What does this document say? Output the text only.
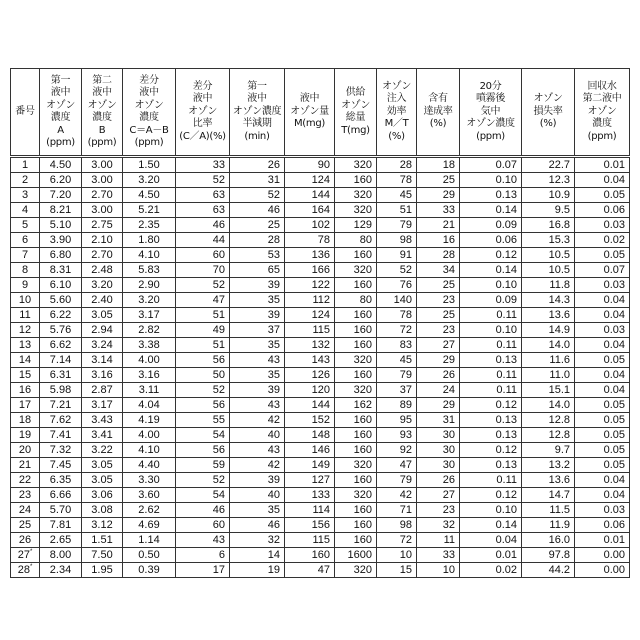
番号	第一
液中
オゾン
濃度
A
(ppm)	第二
液中
オゾン
濃度
B
(ppm)	差分
液中
オゾン
濃度
C＝A－B
(ppm)	差分
液中
オゾン
比率
(C／A)(%)	第一
液中
オゾン濃度
半減期
(min)	液中
オゾン量
M(mg)	供給
オゾン
総量
T(mg)	オゾン
注入
効率
M／T
(%)	含有
達成率
(%)	20分
噴霧後
気中
オゾン濃度
(ppm)	オゾン
損失率
(%)	回収水
第二液中
オゾン
濃度
(ppm)
1	4.50	3.00	1.50	33	26	90	320	28	18	0.07	22.7	0.01
2	6.20	3.00	3.20	52	31	124	160	78	25	0.10	12.3	0.04
3	7.20	2.70	4.50	63	52	144	320	45	29	0.13	10.9	0.05
4	8.21	3.00	5.21	63	46	164	320	51	33	0.14	9.5	0.06
5	5.10	2.75	2.35	46	25	102	129	79	21	0.09	16.8	0.03
6	3.90	2.10	1.80	44	28	78	80	98	16	0.06	15.3	0.02
7	6.80	2.70	4.10	60	53	136	160	91	28	0.12	10.5	0.05
8	8.31	2.48	5.83	70	65	166	320	52	34	0.14	10.5	0.07
9	6.10	3.20	2.90	52	39	122	160	76	25	0.10	11.8	0.03
10	5.60	2.40	3.20	47	35	112	80	140	23	0.09	14.3	0.04
11	6.22	3.05	3.17	51	39	124	160	78	25	0.11	13.6	0.04
12	5.76	2.94	2.82	49	37	115	160	72	23	0.10	14.9	0.03
13	6.62	3.24	3.38	51	35	132	160	83	27	0.11	14.0	0.04
14	7.14	3.14	4.00	56	43	143	320	45	29	0.13	11.6	0.05
15	6.31	3.16	3.16	50	35	126	160	79	26	0.11	11.0	0.04
16	5.98	2.87	3.11	52	39	120	320	37	24	0.11	15.1	0.04
17	7.21	3.17	4.04	56	43	144	162	89	29	0.12	14.0	0.05
18	7.62	3.43	4.19	55	42	152	160	95	31	0.13	12.8	0.05
19	7.41	3.41	4.00	54	40	148	160	93	30	0.13	12.8	0.05
20	7.32	3.22	4.10	56	43	146	160	92	30	0.12	9.7	0.05
21	7.45	3.05	4.40	59	42	149	320	47	30	0.13	13.2	0.05
22	6.35	3.05	3.30	52	39	127	160	79	26	0.11	13.6	0.04
23	6.66	3.06	3.60	54	40	133	320	42	27	0.12	14.7	0.04
24	5.70	3.08	2.62	46	35	114	160	71	23	0.10	11.5	0.03
25	7.81	3.12	4.69	60	46	156	160	98	32	0.14	11.9	0.06
26	2.65	1.51	1.14	43	32	115	160	72	11	0.04	16.0	0.01
27*	8.00	7.50	0.50	6	14	160	1600	10	33	0.01	97.8	0.00
28*	2.34	1.95	0.39	17	19	47	320	15	10	0.02	44.2	0.00
